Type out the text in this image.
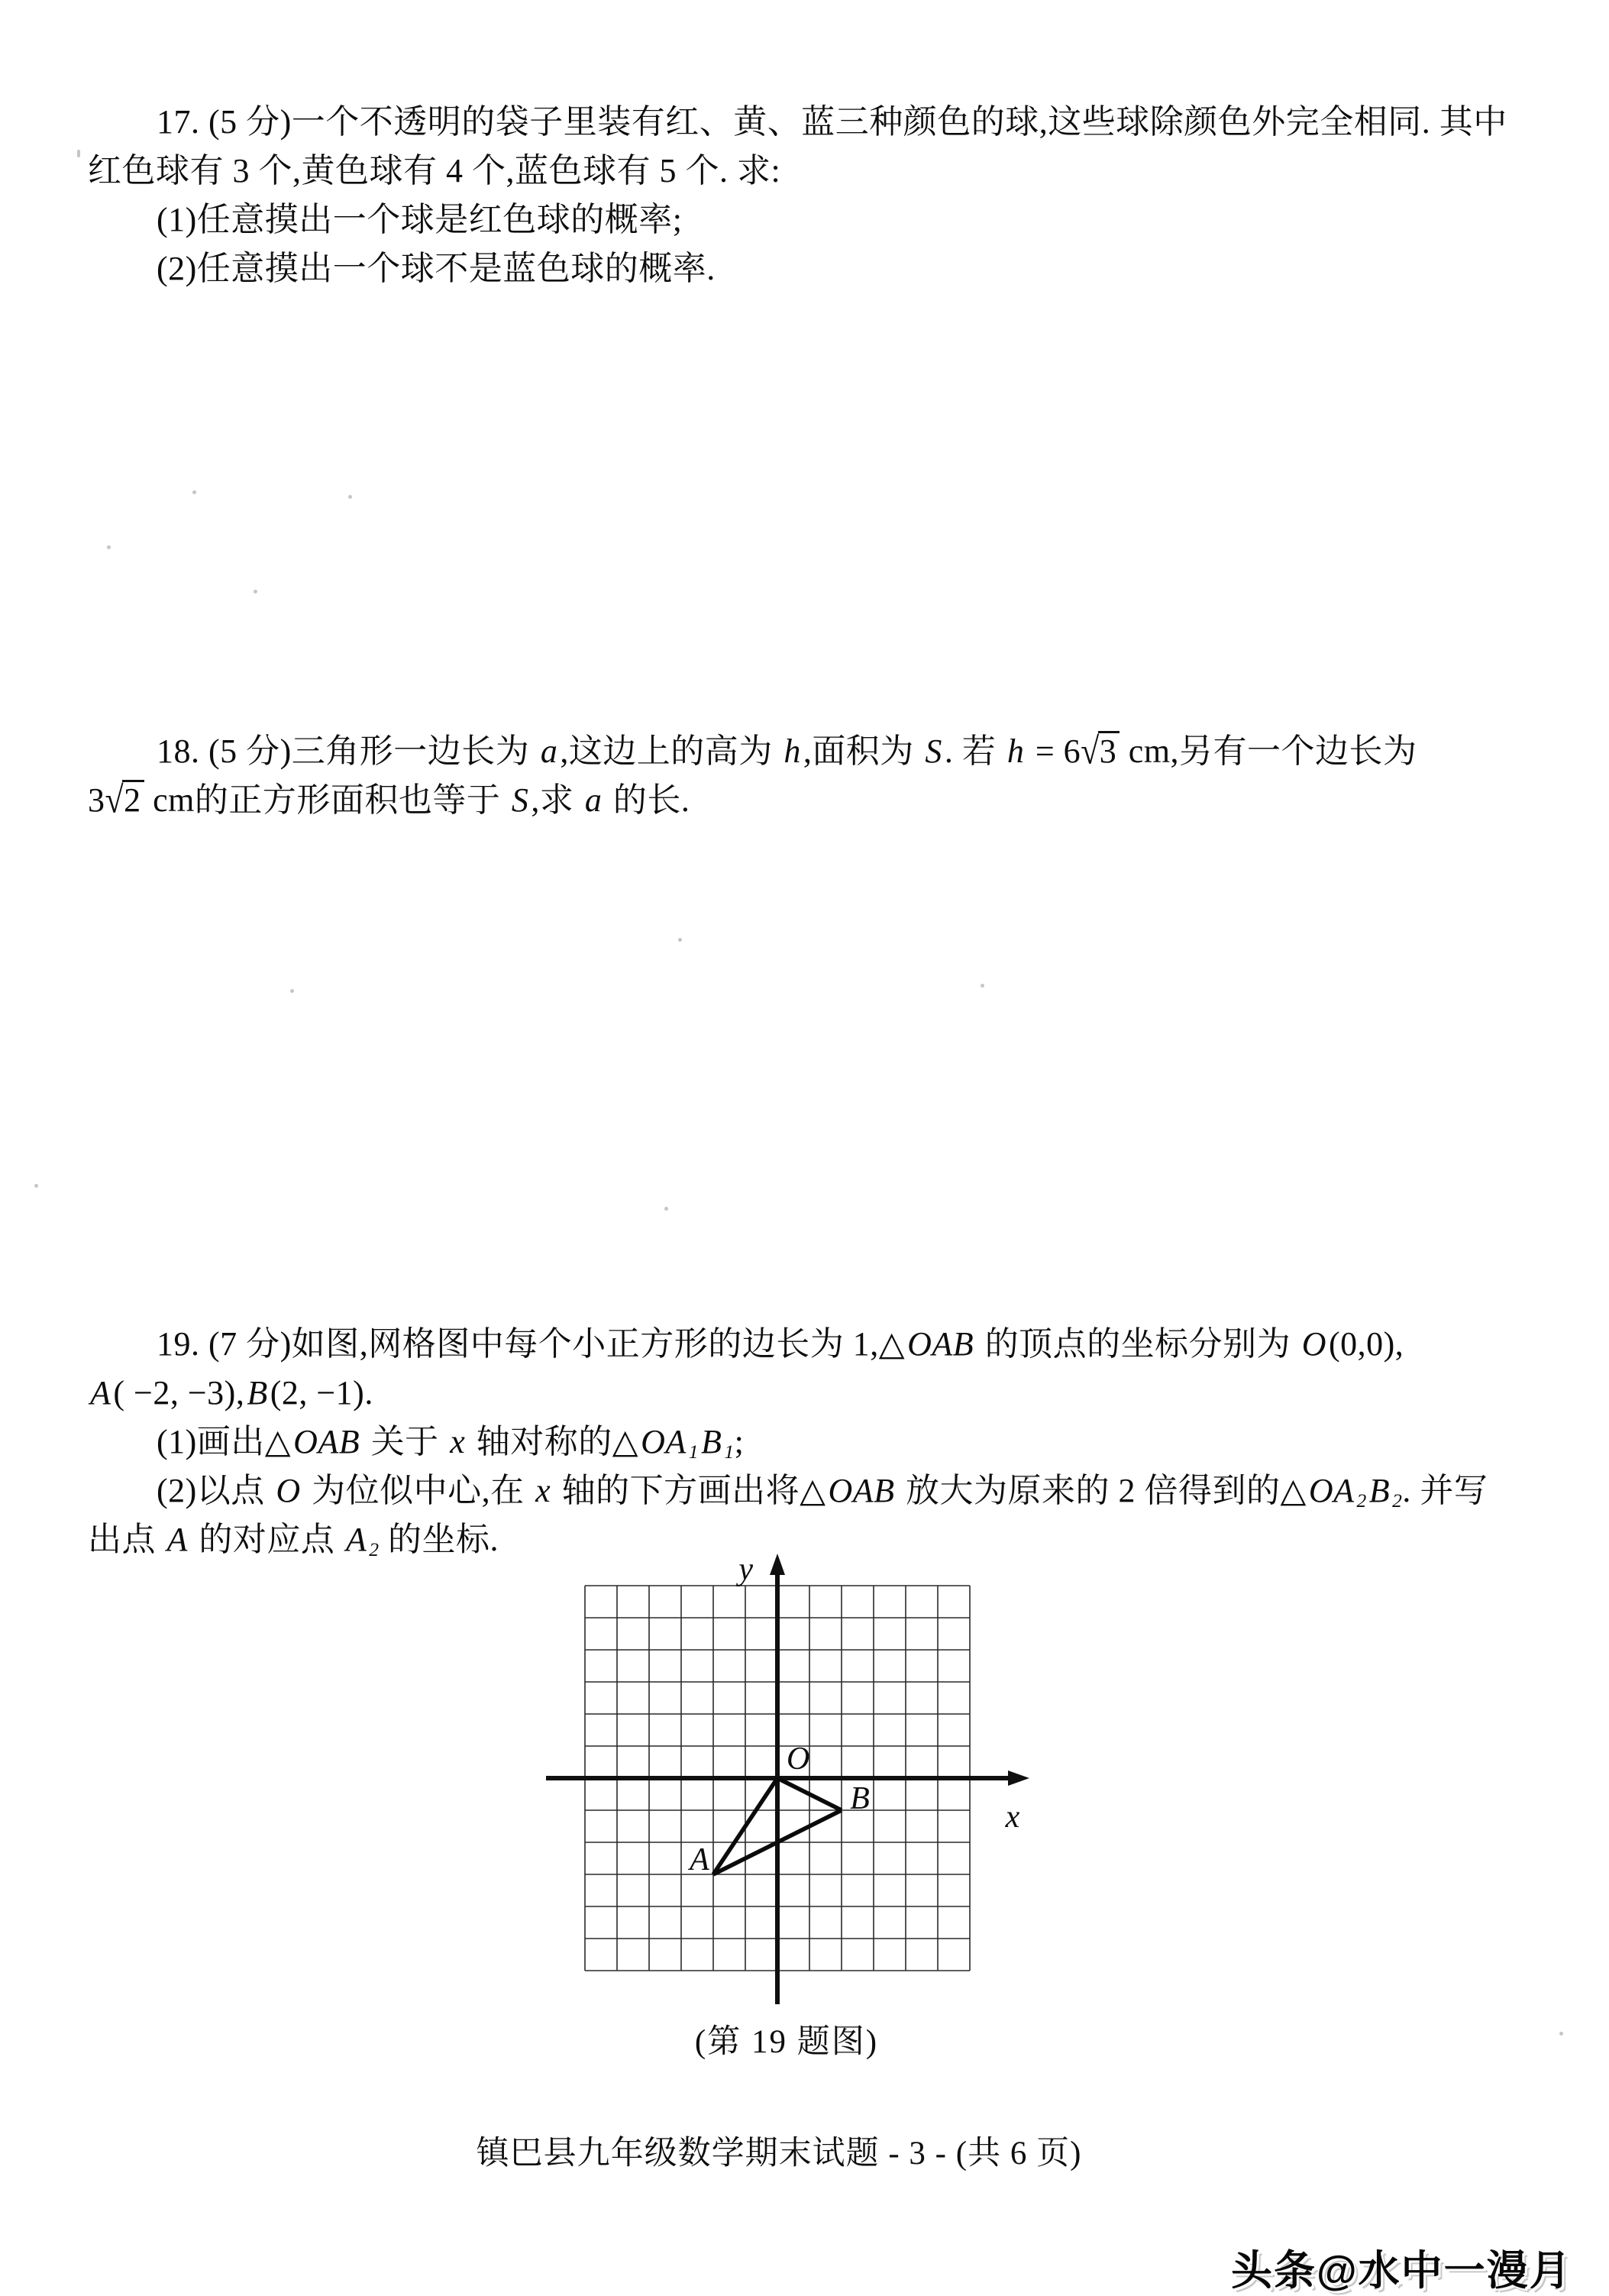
17. (5 分)一个不透明的袋子里装有红、黄、蓝三种颜色的球,这些球除颜色外完全相同. 其中
红色球有 3 个,黄色球有 4 个,蓝色球有 5 个. 求:
(1)任意摸出一个球是红色球的概率;
(2)任意摸出一个球不是蓝色球的概率.
18. (5 分)三角形一边长为 a,这边上的高为 h,面积为 S. 若 h = 6√3 cm,另有一个边长为
3√2 cm的正方形面积也等于 S,求 a 的长.
19. (7 分)如图,网格图中每个小正方形的边长为 1,△OAB 的顶点的坐标分别为 O(0,0),
A( −2, −3),B(2, −1).
(1)画出△OAB 关于 x 轴对称的△OA $_1$B $_1$;
(2)以点 O 为位似中心,在 x 轴的下方画出将△OAB 放大为原来的 2 倍得到的△OA $_2$B $_2$. 并写
出点 A 的对应点 A $_2$ 的坐标.
y
x
O
A
B
(第 19 题图)
镇巴县九年级数学期末试题 - 3 - (共 6 页)
头条@水中一漫月
